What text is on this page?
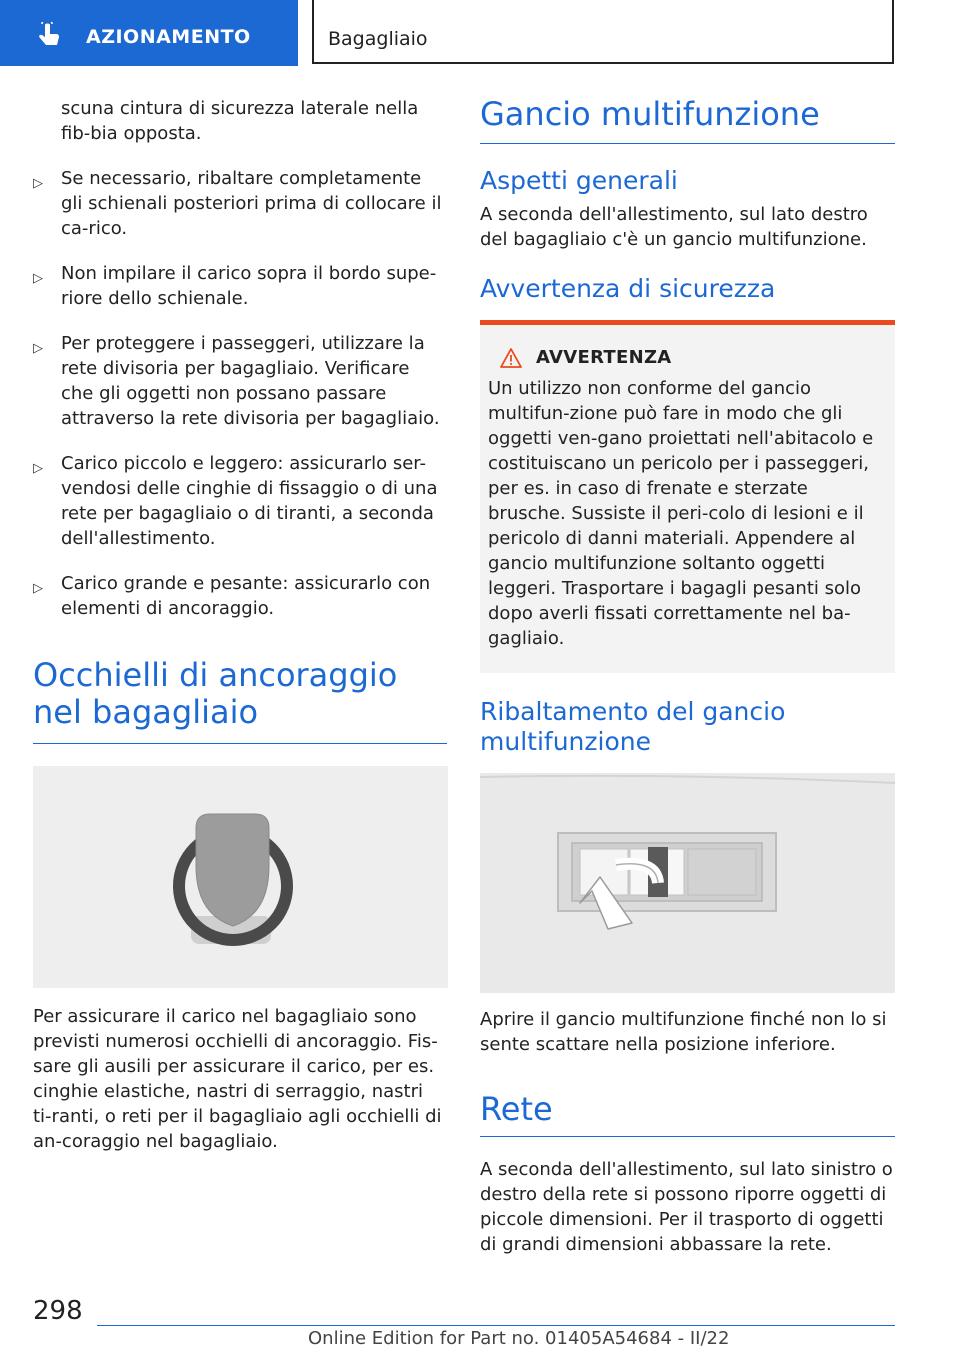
AZIONAMENTO	Bagagliaio

scuna cintura di sicurezza laterale nella fib-bia opposta.

▷ Se necessario, ribaltare completamente gli schienali posteriori prima di collocare il ca-rico.
▷ Non impilare il carico sopra il bordo supe-riore dello schienale.
▷ Per proteggere i passeggeri, utilizzare la rete divisoria per bagagliaio. Verificare che gli oggetti non possano passare attraverso la rete divisoria per bagagliaio.
▷ Carico piccolo e leggero: assicurarlo ser-vendosi delle cinghie di fissaggio o di una rete per bagagliaio o di tiranti, a seconda dell'allestimento.
▷ Carico grande e pesante: assicurarlo con elementi di ancoraggio.
Occhielli di ancoraggio nel bagagliaio

Per assicurare il carico nel bagagliaio sono previsti numerosi occhielli di ancoraggio. Fis-sare gli ausili per assicurare il carico, per es. cinghie elastiche, nastri di serraggio, nastri ti-ranti, o reti per il bagagliaio agli occhielli di an-coraggio nel bagagliaio.

Gancio multifunzione
Aspetti generali

A seconda dell'allestimento, sul lato destro del bagagliaio c'è un gancio multifunzione.

Avvertenza di sicurezza
AVVERTENZA

Un utilizzo non conforme del gancio multifun-zione può fare in modo che gli oggetti ven-gano proiettati nell'abitacolo e costituiscano un pericolo per i passeggeri, per es. in caso di frenate e sterzate brusche. Sussiste il peri-colo di lesioni e il pericolo di danni materiali. Appendere al gancio multifunzione soltanto oggetti leggeri. Trasportare i bagagli pesanti solo dopo averli fissati correttamente nel ba-gagliaio.

Ribaltamento del gancio multifunzione

Aprire il gancio multifunzione finché non lo si sente scattare nella posizione inferiore.

Rete

A seconda dell'allestimento, sul lato sinistro o destro della rete si possono riporre oggetti di piccole dimensioni. Per il trasporto di oggetti di grandi dimensioni abbassare la rete.

298
Online Edition for Part no. 01405A54684 - II/22
